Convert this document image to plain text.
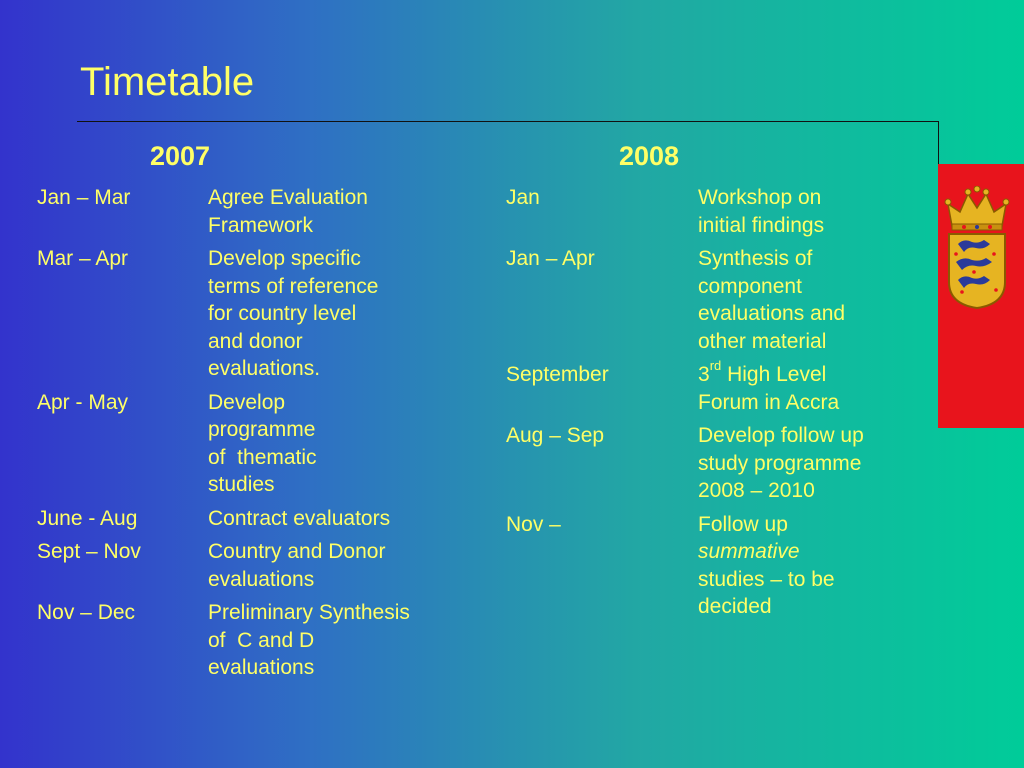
Timetable
2007	2008
Jan – Mar	Agree Evaluation
Framework
Mar – Apr	Develop specific
terms of reference
for country level
and donor
evaluations.
Apr - May	Develop
programme
of  thematic
studies
June - Aug	Contract evaluators
Sept – Nov	Country and Donor
evaluations
Nov – Dec	Preliminary Synthesis
of  C and D
evaluations
Jan	Workshop on
initial findings
Jan – Apr	Synthesis of
component
evaluations and
other material
September	3rd High Level
Forum in Accra
Aug – Sep	Develop follow up
study programme
2008 – 2010
Nov –	Follow up
summative
studies – to be
decided
